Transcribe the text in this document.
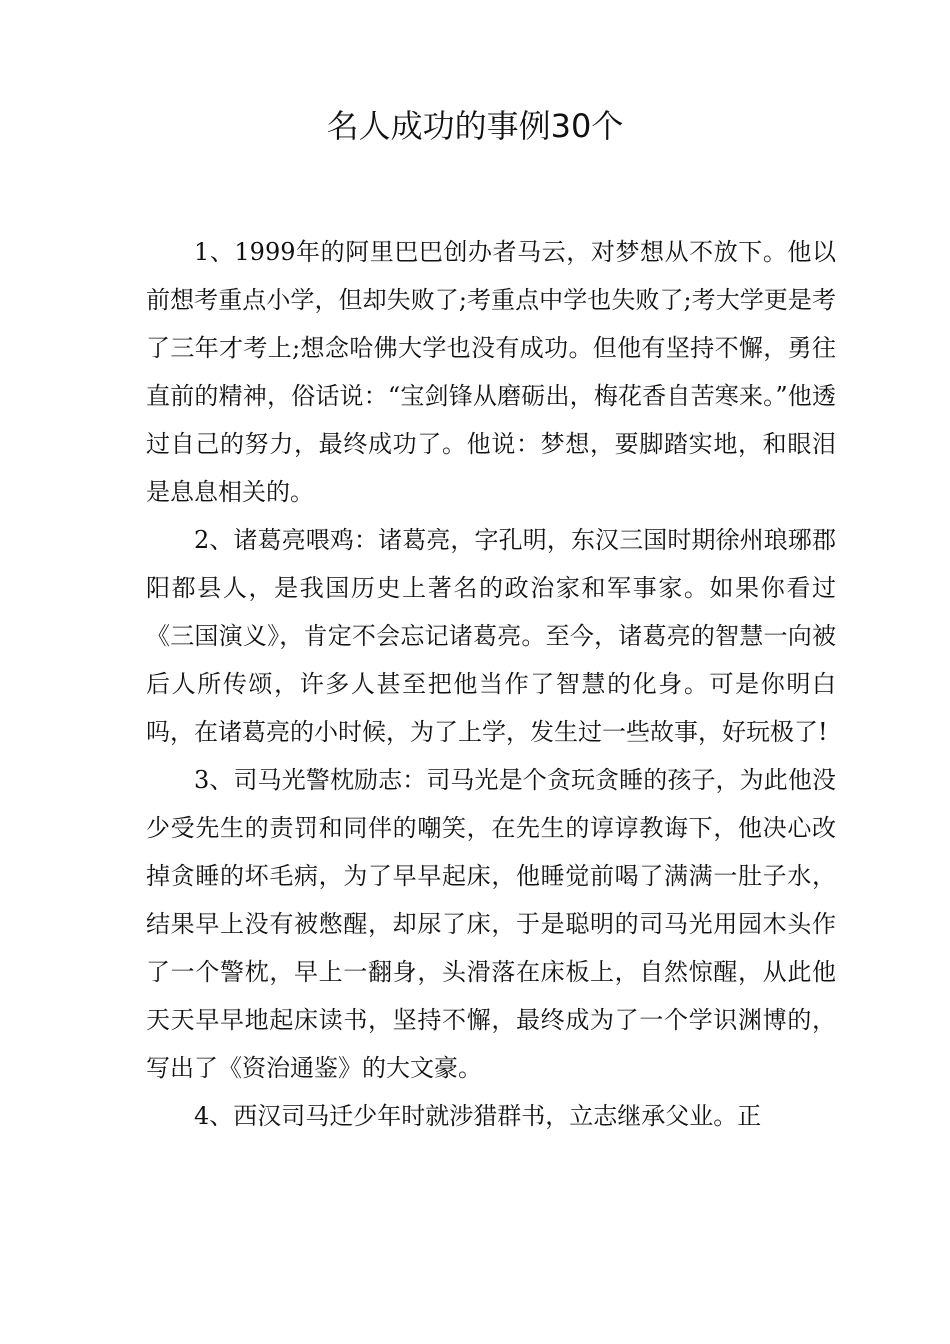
名人成功的事例30个

1、1999年的阿里巴巴创办者马云，对梦想从不放下。他以前想考重点小学，但却失败了;考重点中学也失败了;考大学更是考了三年才考上;想念哈佛大学也没有成功。但他有坚持不懈，勇往直前的精神，俗话说：“宝剑锋从磨砺出，梅花香自苦寒来。”他透过自己的努力，最终成功了。他说：梦想，要脚踏实地，和眼泪是息息相关的。

2、诸葛亮喂鸡：诸葛亮，字孔明，东汉三国时期徐州琅琊郡阳都县人，是我国历史上著名的政治家和军事家。如果你看过《三国演义》，肯定不会忘记诸葛亮。至今，诸葛亮的智慧一向被后人所传颂，许多人甚至把他当作了智慧的化身。可是你明白吗，在诸葛亮的小时候，为了上学，发生过一些故事，好玩极了!

3、司马光警枕励志：司马光是个贪玩贪睡的孩子，为此他没少受先生的责罚和同伴的嘲笑，在先生的谆谆教诲下，他决心改掉贪睡的坏毛病，为了早早起床，他睡觉前喝了满满一肚子水，结果早上没有被憋醒，却尿了床，于是聪明的司马光用园木头作了一个警枕，早上一翻身，头滑落在床板上，自然惊醒，从此他天天早早地起床读书，坚持不懈，最终成为了一个学识渊博的，写出了《资治通鉴》的大文豪。

4、西汉司马迁少年时就涉猎群书，立志继承父业。正
